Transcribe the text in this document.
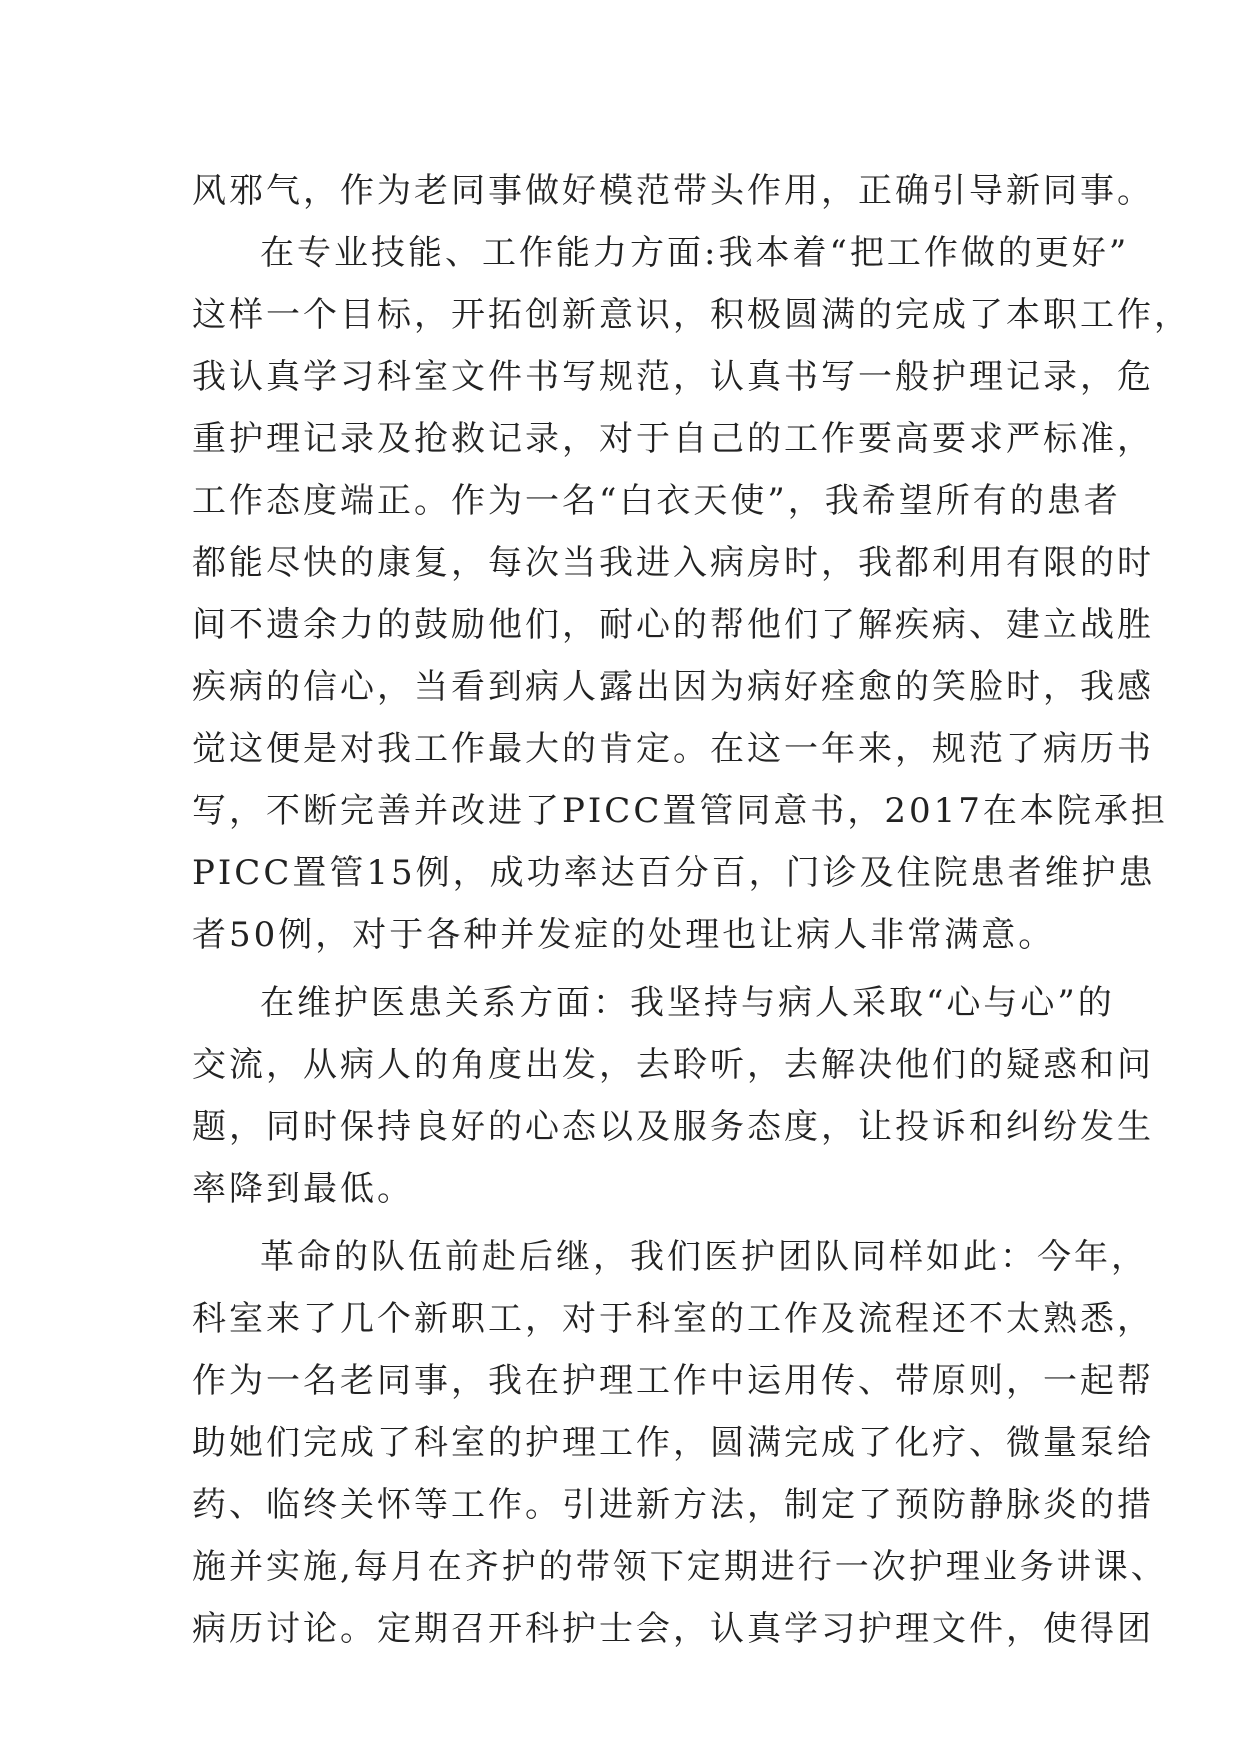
风邪气，作为老同事做好模范带头作用，正确引导新同事。
在专业技能、工作能力方面:我本着“把工作做的更好”
这样一个目标，开拓创新意识，积极圆满的完成了本职工作，
我认真学习科室文件书写规范，认真书写一般护理记录，危
重护理记录及抢救记录，对于自己的工作要高要求严标准，
工作态度端正。作为一名“白衣天使”，我希望所有的患者
都能尽快的康复，每次当我进入病房时，我都利用有限的时
间不遗余力的鼓励他们，耐心的帮他们了解疾病、建立战胜
疾病的信心，当看到病人露出因为病好痊愈的笑脸时，我感
觉这便是对我工作最大的肯定。在这一年来，规范了病历书
写，不断完善并改进了PICC置管同意书，2017在本院承担
PICC置管15例，成功率达百分百，门诊及住院患者维护患
者50例，对于各种并发症的处理也让病人非常满意。
在维护医患关系方面：我坚持与病人采取“心与心”的
交流，从病人的角度出发，去聆听，去解决他们的疑惑和问
题，同时保持良好的心态以及服务态度，让投诉和纠纷发生
率降到最低。
革命的队伍前赴后继，我们医护团队同样如此：今年，
科室来了几个新职工，对于科室的工作及流程还不太熟悉，
作为一名老同事，我在护理工作中运用传、带原则，一起帮
助她们完成了科室的护理工作，圆满完成了化疗、微量泵给
药、临终关怀等工作。引进新方法，制定了预防静脉炎的措
施并实施,每月在齐护的带领下定期进行一次护理业务讲课、
病历讨论。定期召开科护士会，认真学习护理文件，使得团
